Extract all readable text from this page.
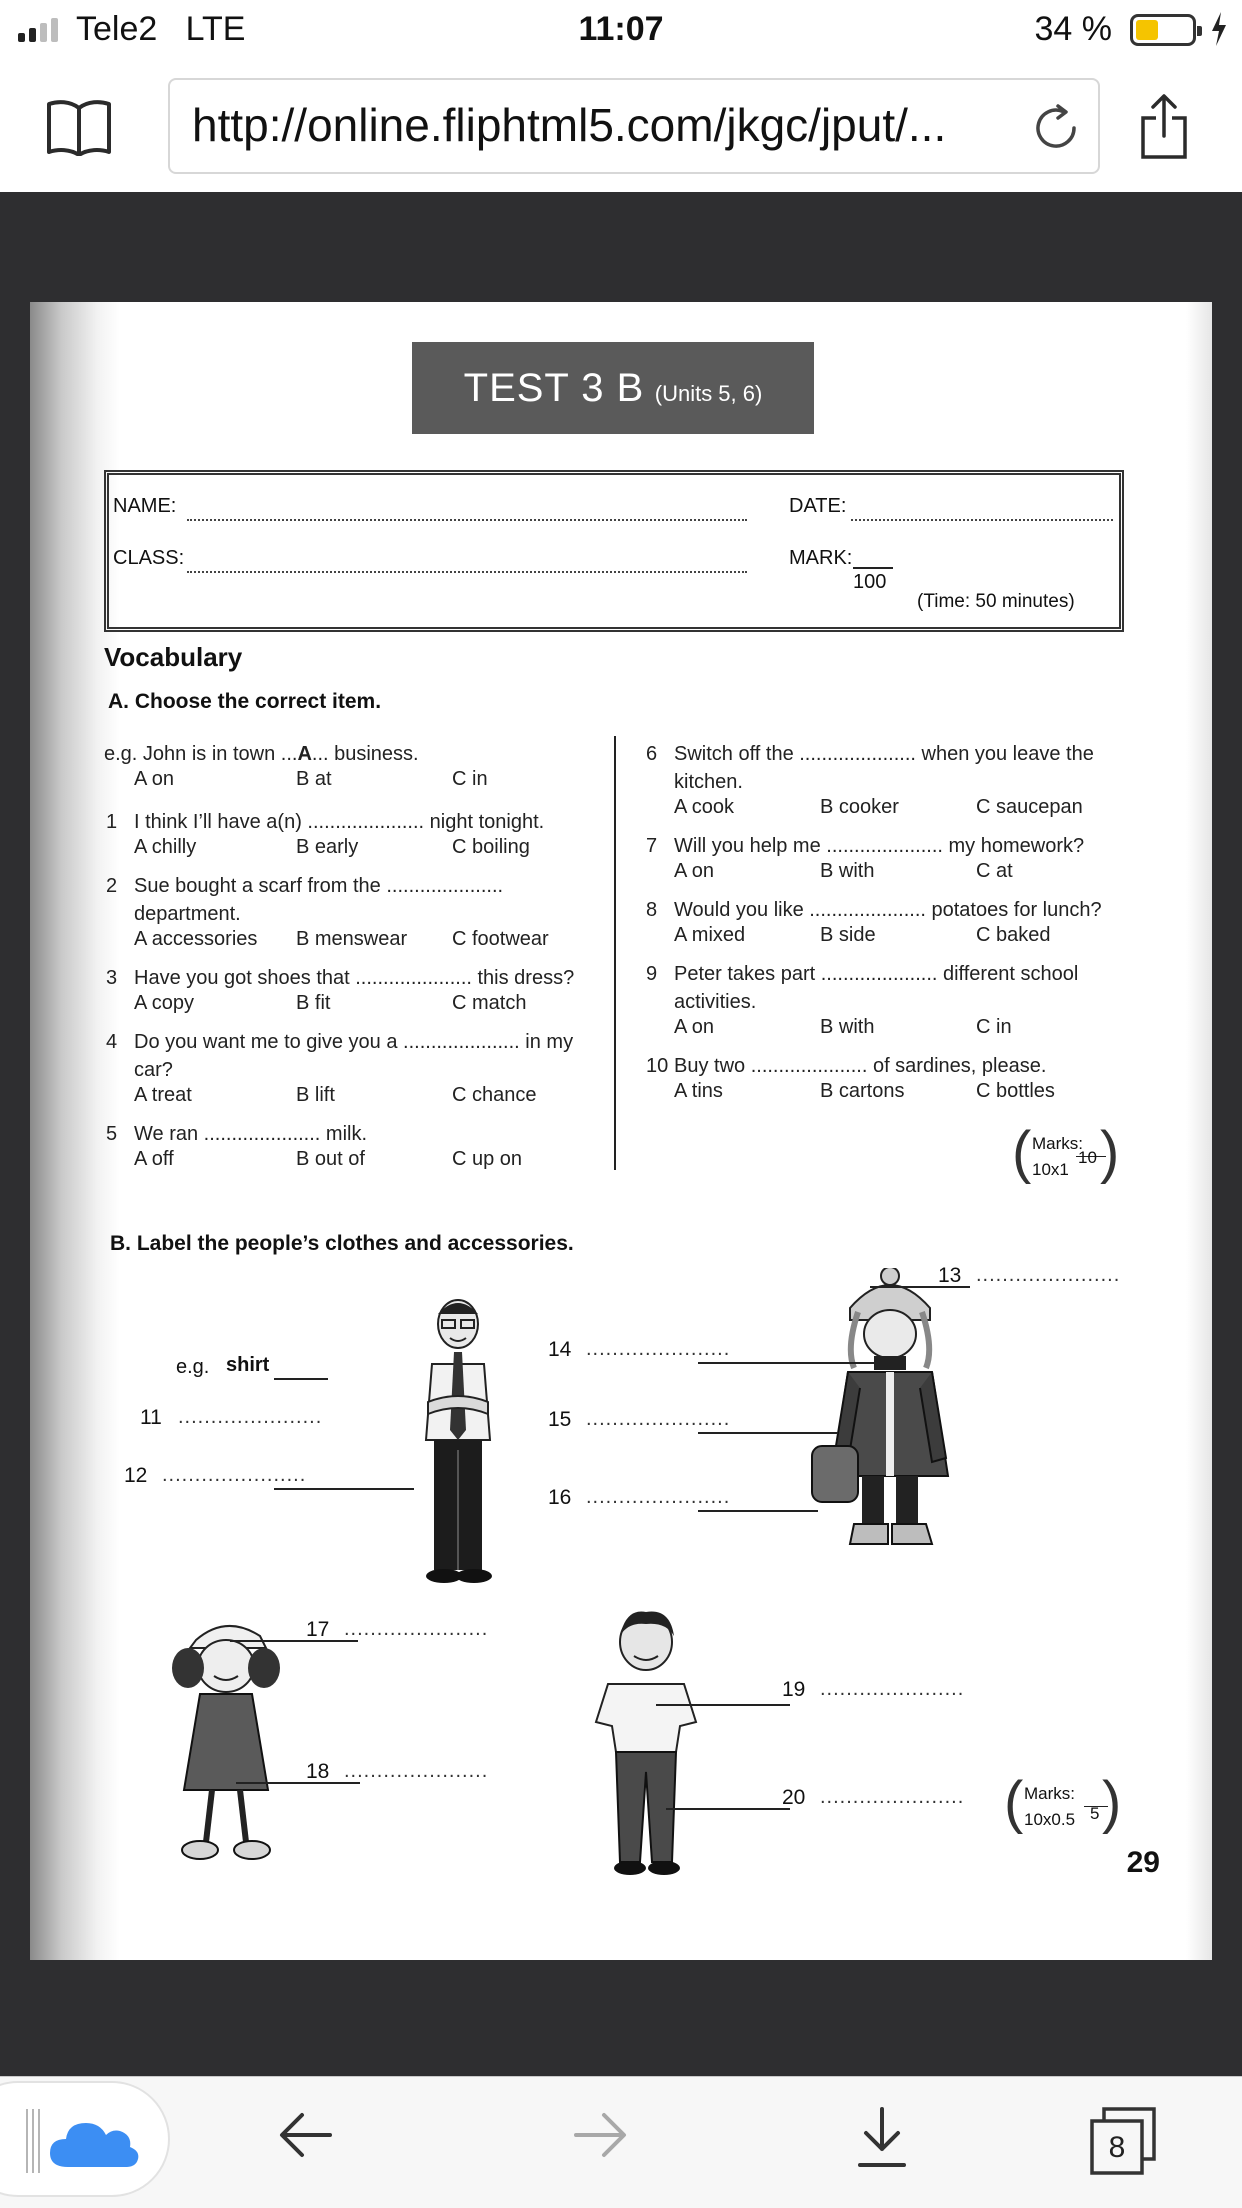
Tele2 LTE	11:07	34 %
http://online.fliphtml5.com/jkgc/jput/...
TEST 3 B (Units 5, 6)
NAME:	DATE:
CLASS:	MARK:
100
(Time: 50 minutes)
Vocabulary
A. Choose the correct item.
e.g. John is in town ...A... business.
A on	B at	C in
1 I think I’ll have a(n) ..................... night tonight.
A chilly	B early	C boiling
2 Sue bought a scarf from the ..................... department.
A accessories B menswear C footwear
3 Have you got shoes that ..................... this dress?
A copy	B fit	C match
4 Do you want me to give you a ..................... in my car?
A treat	B lift	C chance
5 We ran ..................... milk.
A off	B out of	C up on
6 Switch off the ..................... when you leave the kitchen.
A cook	B cooker	C saucepan
7 Will you help me ..................... my homework?
A on	B with	C at
8 Would you like ..................... potatoes for lunch?
A mixed	B side	C baked
9 Peter takes part ..................... different school activities.
A on	B with	C in
10 Buy two ..................... of sardines, please.
A tins	B cartons	C bottles
( Marks:
10x1
10 )
B. Label the people’s clothes and accessories.
e.g. shirt
11 ......................
12 ......................
13 ......................
14 ......................
15 ......................
16 ......................
17 ......................
18 ......................
19 ......................
20 ...................... ( Marks:
10x0.5 5 )
29
8
